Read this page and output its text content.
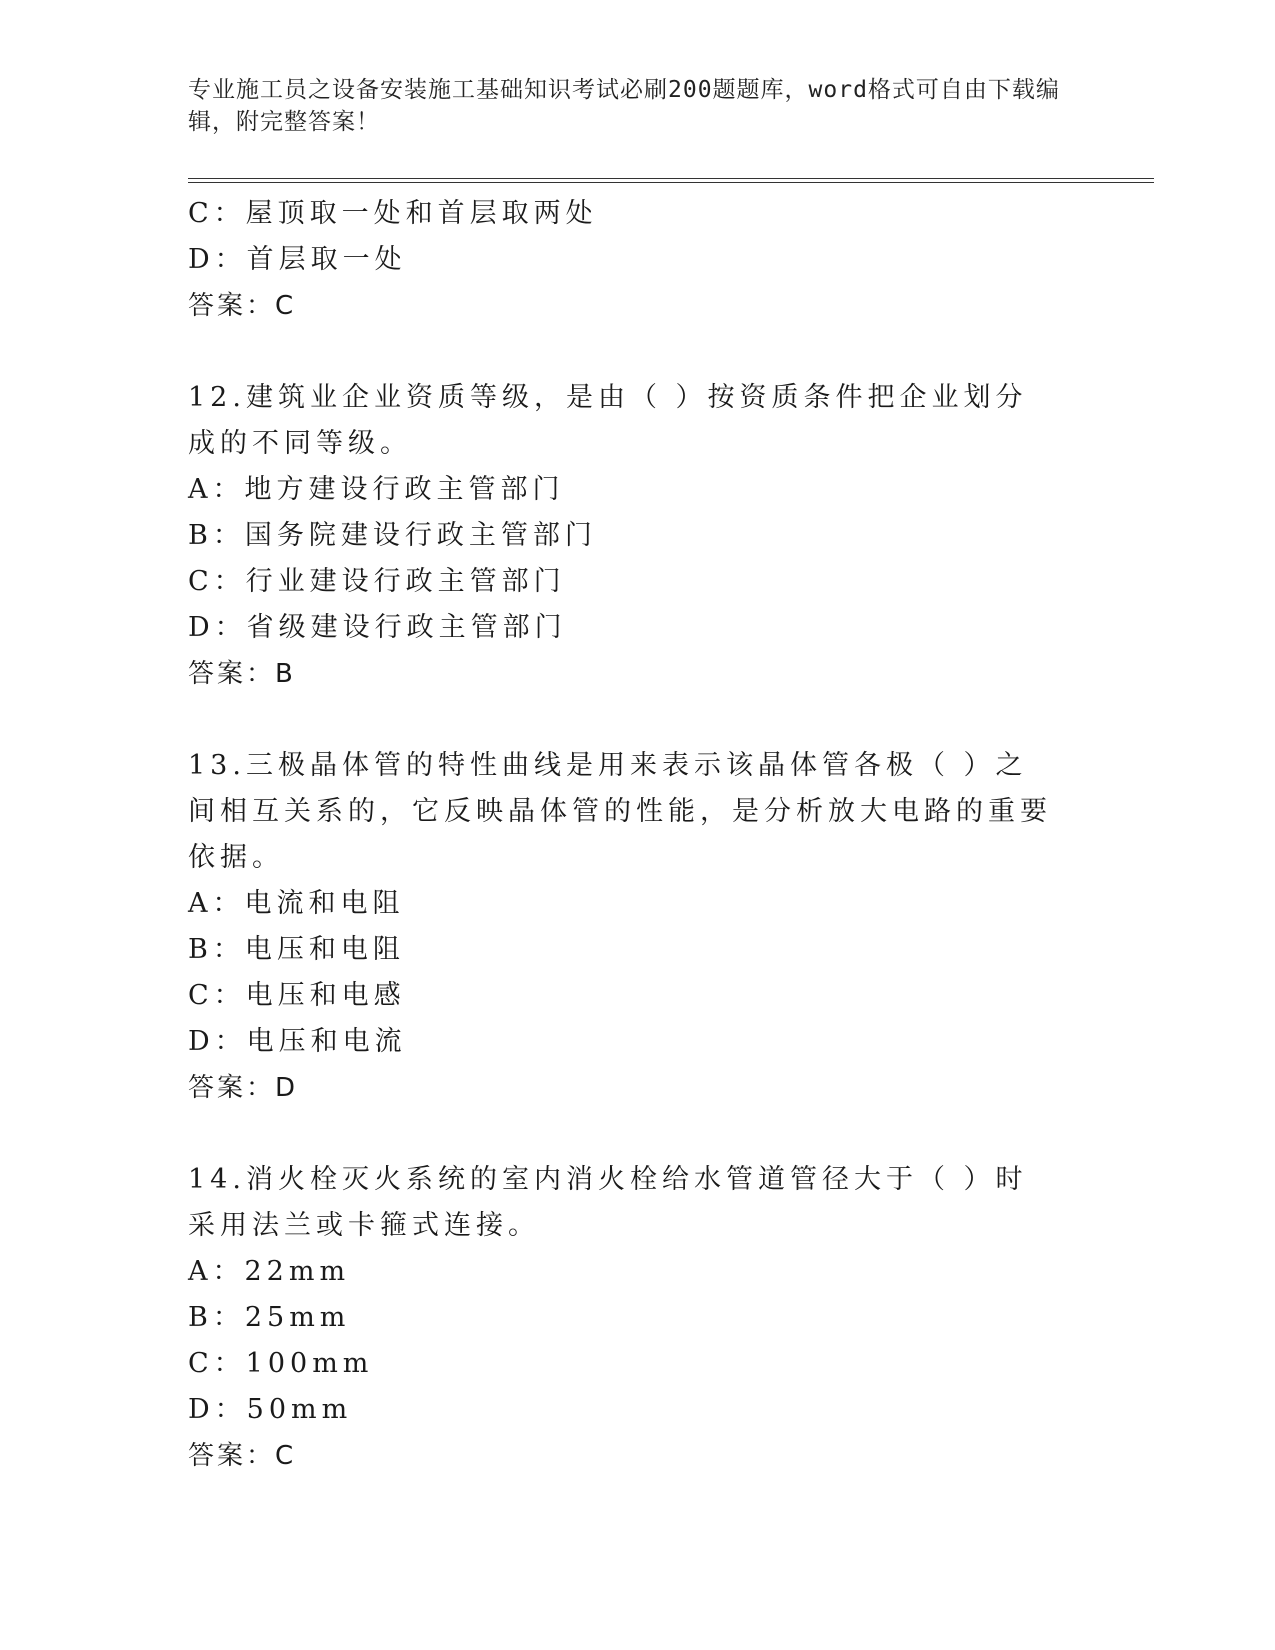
专业施工员之设备安装施工基础知识考试必刷200题题库，word格式可自由下载编辑，附完整答案！
C：屋顶取一处和首层取两处
D：首层取一处
答案：C
12.建筑业企业资质等级，是由（ ）按资质条件把企业划分成的不同等级。
A：地方建设行政主管部门
B：国务院建设行政主管部门
C：行业建设行政主管部门
D：省级建设行政主管部门
答案：B
13.三极晶体管的特性曲线是用来表示该晶体管各极（ ）之间相互关系的，它反映晶体管的性能，是分析放大电路的重要依据。
A：电流和电阻
B：电压和电阻
C：电压和电感
D：电压和电流
答案：D
14.消火栓灭火系统的室内消火栓给水管道管径大于（ ）时采用法兰或卡箍式连接。
A：22mm
B：25mm
C：100mm
D：50mm
答案：C
